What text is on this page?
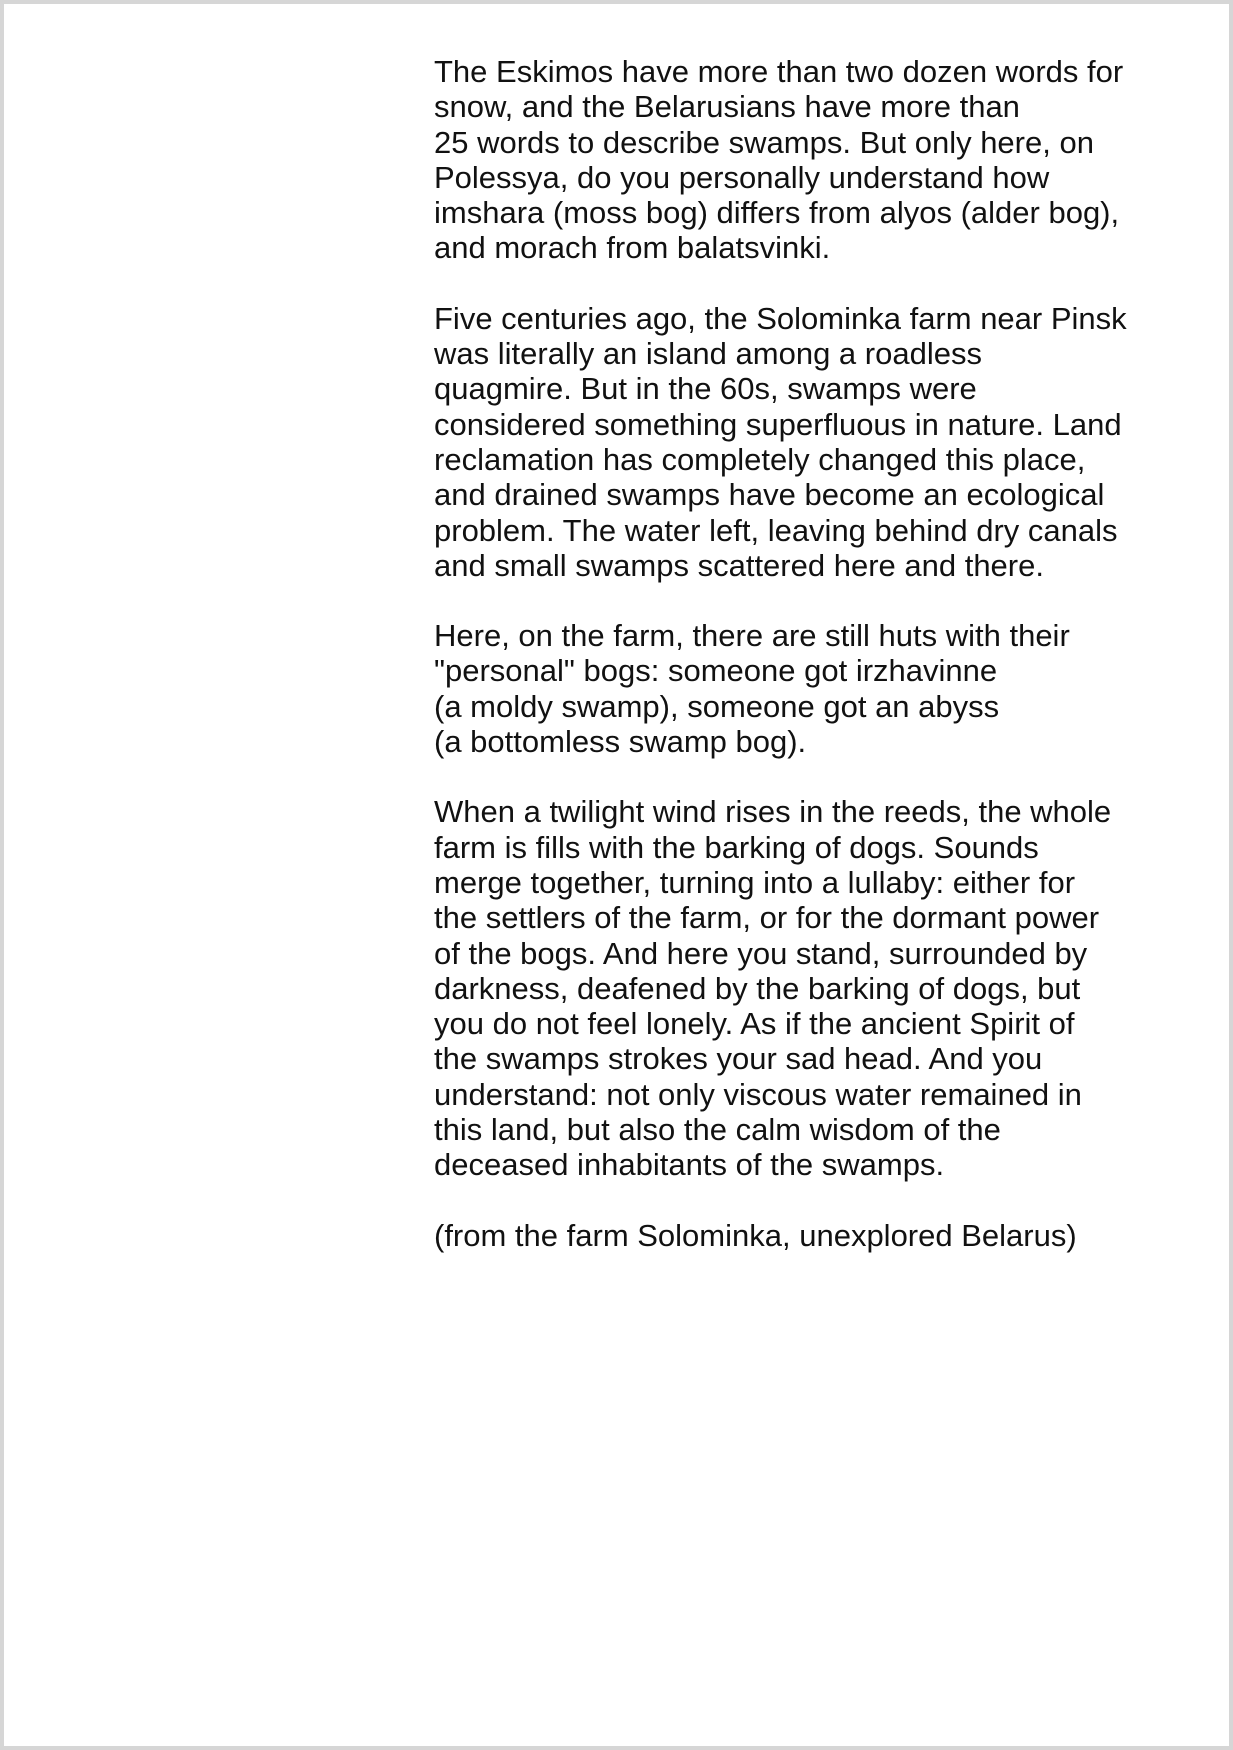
The Eskimos have more than two dozen words for
snow, and the Belarusians have more than
25 words to describe swamps. But only here, on
Polessya, do you personally understand how
imshara (moss bog) differs from alyos (alder bog),
and morach from balatsvinki.

Five centuries ago, the Solominka farm near Pinsk
was literally an island among a roadless
quagmire. But in the 60s, swamps were
considered something superfluous in nature. Land
reclamation has completely changed this place,
and drained swamps have become an ecological
problem. The water left, leaving behind dry canals
and small swamps scattered here and there.

Here, on the farm, there are still huts with their
"personal" bogs: someone got irzhavinne
(a moldy swamp), someone got an abyss
(a bottomless swamp bog).

When a twilight wind rises in the reeds, the whole
farm is fills with the barking of dogs. Sounds
merge together, turning into a lullaby: either for
the settlers of the farm, or for the dormant power
of the bogs. And here you stand, surrounded by
darkness, deafened by the barking of dogs, but
you do not feel lonely. As if the ancient Spirit of
the swamps strokes your sad head. And you
understand: not only viscous water remained in
this land, but also the calm wisdom of the
deceased inhabitants of the swamps.

(from the farm Solominka, unexplored Belarus)
